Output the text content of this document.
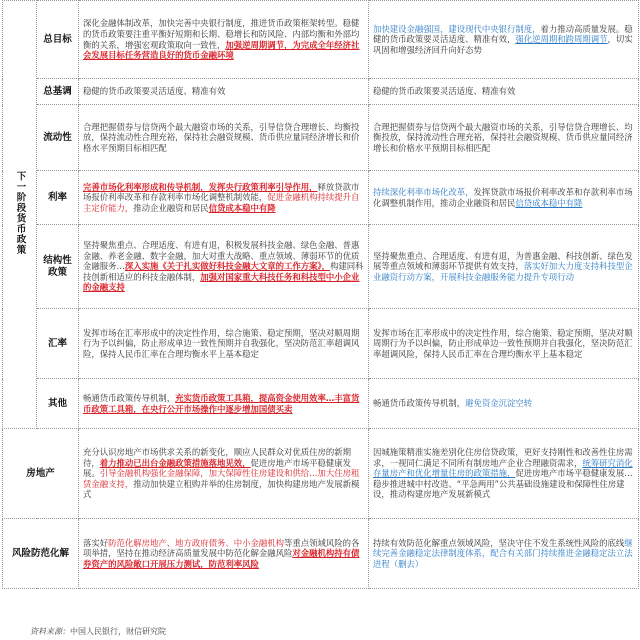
下一阶段货币政策	总目标	深化金融体制改革，加快完善中央银行制度，推进货币政策框架转型。稳健的货币政策要注重平衡好短期和长期、稳增长和防风险、内部均衡和外部均衡的关系，增强宏观政策取向一致性，加强逆周期调节，为完成全年经济社会发展目标任务营造良好的货币金融环境	加快建设金融强国，建设现代中央银行制度，着力推动高质量发展。稳健的货币政策要灵活适度、精准有效，强化逆周期和跨周期调节，切实巩固和增强经济回升向好态势
	总基调	稳健的货币政策要灵活适度、精准有效	稳健的货币政策要灵活适度、精准有效
	流动性	合理把握债券与信贷两个最大融资市场的关系，引导信贷合理增长、均衡投放，保持流动性合理充裕，保持社会融资规模、货币供应量同经济增长和价格水平预期目标相匹配	合理把握债券与信贷两个最大融资市场的关系，引导信贷合理增长、均衡投放，保持流动性合理充裕，保持社会融资规模、货币供应量同经济增长和价格水平预期目标相匹配
	利率	完善市场化利率形成和传导机制，发挥央行政策利率引导作用，释放贷款市场报价利率改革和存款利率市场化调整机制效能，促进金融机构持续提升自主定价能力，推动企业融资和居民信贷成本稳中有降	持续深化利率市场化改革，发挥贷款市场报价利率改革和存款利率市场化调整机制作用，推动企业融资和居民信贷成本稳中有降
	结构性政策	坚持聚焦重点、合理适度、有进有退，积极发展科技金融、绿色金融、普惠金融、养老金融、数字金融，加大对重大战略、重点领域、薄弱环节的优质金融服务…深入实施《关于扎实做好科技金融大文章的工作方案》，构建同科技创新相适应的科技金融体制，加强对国家重大科技任务和科技型中小企业的金融支持	坚持聚焦重点、合理适度、有进有退，为普惠金融、科技创新、绿色发展等重点领域和薄弱环节提供有效支持，落实好加大力度支持科技型企业融资行动方案，开展科技金融服务能力提升专项行动
	汇率	发挥市场在汇率形成中的决定性作用，综合施策、稳定预期，坚决对顺周期行为予以纠偏，防止形成单边一致性预期并自我强化，坚决防范汇率超调风险，保持人民币汇率在合理均衡水平上基本稳定	发挥市场在汇率形成中的决定性作用，综合施策、稳定预期，坚决对顺周期行为予以纠偏，防止形成单边一致性预期并自我强化，坚决防范汇率超调风险，保持人民币汇率在合理均衡水平上基本稳定
	其他	畅通货币政策传导机制，充实货币政策工具箱，提高资金使用效率…丰富货币政策工具箱，在央行公开市场操作中逐步增加国债买卖	畅通货币政策传导机制，避免资金沉淀空转
房地产		充分认识房地产市场供求关系的新变化，顺应人民群众对优质住房的新期待，着力推动已出台金融政策措施落地见效，促进房地产市场平稳健康发展。引导金融机构强化金融保障，加大保障性住房建设和供给…加大住房租赁金融支持，推动加快建立租购并举的住房制度，加快构建房地产发展新模式	因城施策精准实施差别化住房信贷政策，更好支持刚性和改善性住房需求，一视同仁满足不同所有制房地产企业合理融资需求，统筹研究消化存量房产和优化增量住房的政策措施，促进房地产市场平稳健康发展…稳步推进城中村改造、“平急两用”公共基础设施建设和保障性住房建设，推动构建房地产发展新模式
风险防范化解		落实好防范化解房地产、地方政府债务、中小金融机构等重点领域风险的各项举措，坚持在推动经济高质量发展中防范化解金融风险对金融机构持有债券资产的风险敞口开展压力测试，防范利率风险	持续有效防范化解重点领域风险，坚决守住不发生系统性风险的底线继续完善金融稳定法律制度体系，配合有关部门持续推进金融稳定法立法进程（删去）
资料来源：中国人民银行，财信研究院
